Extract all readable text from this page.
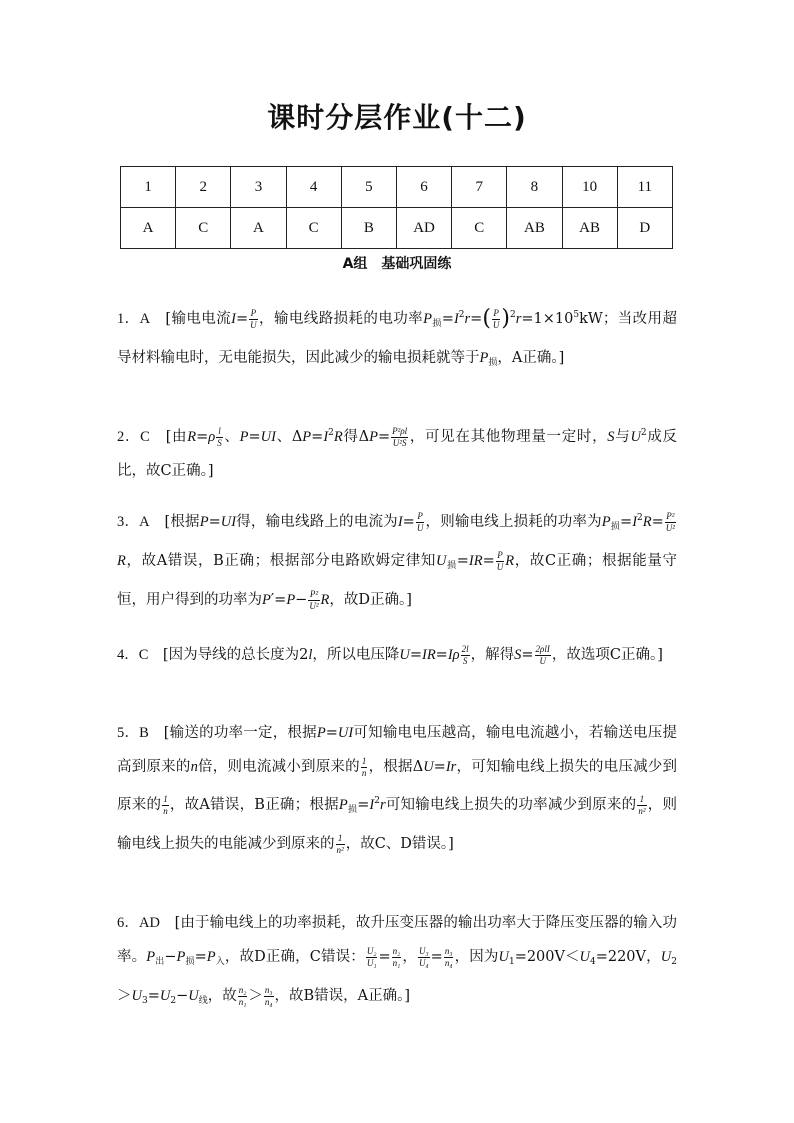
课时分层作业(十二)
1	2	3	4	5	6	7	8	10	11
A	C	A	C	B	AD	C	AB	AB	D
A组　基础巩固练
1．A　[输电电流$I= \frac{P}{U}$ ，输电线路损耗的电功率$P_损=I^2r=( \frac{P}{U} )^2r=1\times 10^5kW$；当改用超导材料输电时，无电能损失，因此减少的输电损耗就等于$P_损$，A正确。]
2．C　[由$R=\rho \frac{l}{S}$ 、P=UI、$\Delta P=I^2R$得$\Delta P= \frac{\text{P²ρl}}{\text{U²S}}$ ，可见在其他物理量一定时，S与$U^2$成反比，故C正确。]
3．A　[根据P=UI得，输电线路上的电流为$I= \frac{P}{U}$ ，则输电线上损耗的功率为$P_损=I^2R= \frac{\text{P²}}{\text{U²}}$
R，故A错误，B正确；根据部分电路欧姆定律知$U_损=IR= \frac{P}{U}$ R，故C正确；根据能量守恒，用户得到的功率为$P'=P- \frac{\text{P²}}{\text{U²}}$ R，故D正确。]
4．C　[因为导线的总长度为2l，所以电压降$U=IR=I\rho \frac{2l}{S}$ ，解得S= 2ρlI
U ，故选项C正确。]
5．B　[输送的功率一定，根据P=UI可知输电电压越高，输电电流越小，若输送电压提高到原来的n倍，则电流减小到原来的 $\frac{1}{n}$ ，根据ΔU=Ir，可知输电线上损失的电压减少到原来的 $\frac{1}{n}$ ，故A错误，B正确；根据$P_损=I^2r$可知输电线上损失的功率减少到原来的 $\frac{1}{\text{n²}}$ ，则输电线上损失的电能减少到原来的 $\frac{1}{\text{n²}}$ ，故C、D错误。]
6．AD　[由于输电线上的功率损耗，故升压变压器的输出功率大于降压变压器的输入功率。$P_出-P_损=P_入$，故D正确，C错误： $\frac{\text{U₂}}{\text{U₁}} = \frac{\text{n₂}}{\text{n₁}}$ ， $\frac{\text{U₃}}{\text{U₄}} = \frac{\text{n₃}}{\text{n₄}}$ ，因为$U_1=200V<U_4=220V$，$U_2>U_3=U_2-U_线$，故 $\frac{\text{n₂}}{\text{n₁}} > \frac{\text{n₃}}{\text{n₄}}$ ，故B错误，A正确。]
